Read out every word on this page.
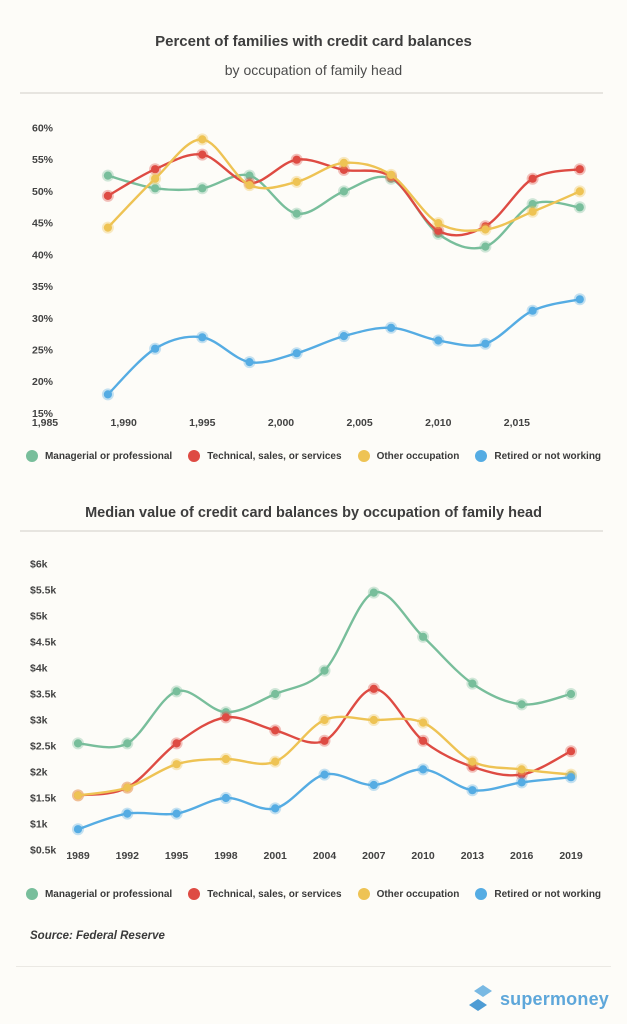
Percent of families with credit card balances
by occupation of family head
60%
55%
50%
45%
40%
35%
30%
25%
20%
15%
1,985	1,990	1,995	2,000	2,005	2,010	2,015
Managerial or professional	Technical, sales, or services	Other occupation	Retired or not working
Median value of credit card balances by occupation of family head
$6k
$5.5k
$5k
$4.5k
$4k
$3.5k
$3k
$2.5k
$2k
$1.5k
$1k
$0.5k 1989 1992 1995 1998 2001 2004 2007 2010 2013 2016 2019
Managerial or professional	Technical, sales, or services	Other occupation	Retired or not working
Source: Federal Reserve
supermoney
